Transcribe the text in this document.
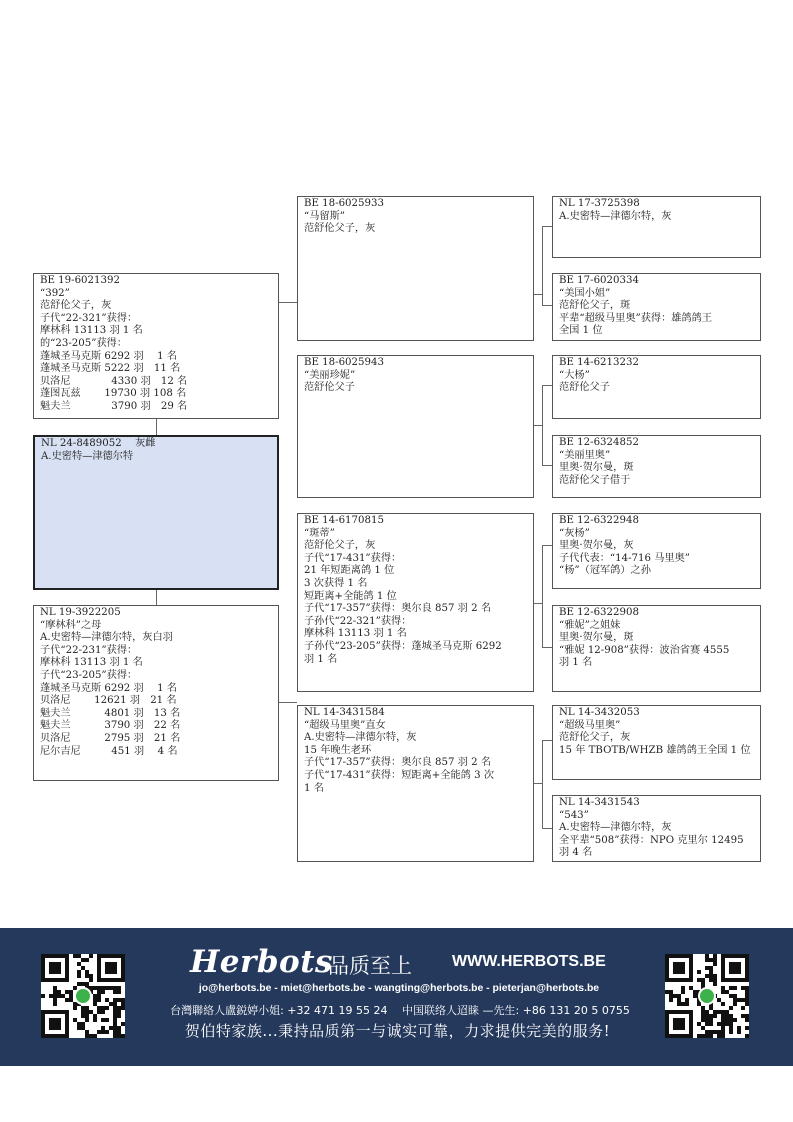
BE 19-6021392
“392”
范舒伦父子，灰
子代“22-321”获得：
摩林科 13113 羽 1 名
的“23-205”获得：
蓬城圣马克斯 6292 羽　 1 名
蓬城圣马克斯 5222 羽　11 名
贝洛尼　　　　4330 羽　12 名
蓬图瓦兹　　 19730 羽 108 名
魁夫兰　　　　3790 羽　29 名
NL 24-8489052　 灰雌
A.史密特—津德尔特
NL 19-3922205
“摩林科”之母
A.史密特—津德尔特，灰白羽
子代“22-231”获得：
摩林科 13113 羽 1 名
子代“23-205”获得：
蓬城圣马克斯 6292 羽　 1 名
贝洛尼　　 12621 羽　21 名
魁夫兰　　　 4801 羽　13 名
魁夫兰　　　 3790 羽　22 名
贝洛尼　　　 2795 羽　21 名
尼尔吉尼　　　451 羽　 4 名
BE 18-6025933
“马留斯”
范舒伦父子，灰
BE 18-6025943
“美丽珍妮”
范舒伦父子
BE 14-6170815
“斑蒂”
范舒伦父子，灰
子代“17-431”获得：
21 年短距离鸽 1 位
3 次获得 1 名
短距离+全能鸽 1 位
子代“17-357”获得：奥尔良 857 羽 2 名
子孙代“22-321”获得：
摩林科 13113 羽 1 名
子孙代“23-205”获得：蓬城圣马克斯 6292
羽 1 名
NL 14-3431584
“超级马里奥”直女
A.史密特—津德尔特，灰
15 年晚生老环
子代“17-357”获得：奥尔良 857 羽 2 名
子代“17-431”获得：短距离+全能鸽 3 次
1 名
NL 17-3725398
A.史密特—津德尔特，灰
BE 17-6020334
“美国小姐”
范舒伦父子，斑
平辈“超级马里奥”获得：雄鸽鸽王
全国 1 位
BE 14-6213232
“大杨”
范舒伦父子
BE 12-6324852
“美丽里奥”
里奥·贺尔曼，斑
范舒伦父子借于
BE 12-6322948
“灰杨”
里奥·贺尔曼，灰
子代代表：“14-716 马里奥”
“杨”（冠军鸽）之孙
BE 12-6322908
“雅妮”之姐妹
里奥·贺尔曼，斑
“雅妮 12-908”获得：波治省赛 4555
羽 1 名
NL 14-3432053
“超级马里奥”
范舒伦父子，灰
15 年 TBOTB/WHZB 雄鸽鸽王全国 1 位
NL 14-3431543
“543”
A.史密特—津德尔特，灰
全平辈“508”获得：NPO 克里尔 12495
羽 4 名
Herbots
品质至上	WWW.HERBOTS.BE
jo@herbots.be - miet@herbots.be - wangting@herbots.be - pieterjan@herbots.be
台灣聯絡人盧鋭婷小姐: +32 471 19 55 24　 中国联络人迢睐 —先生: +86 131 20 5 0755
贺伯特家族...秉持品质第一与诚实可靠，力求提供完美的服务!
